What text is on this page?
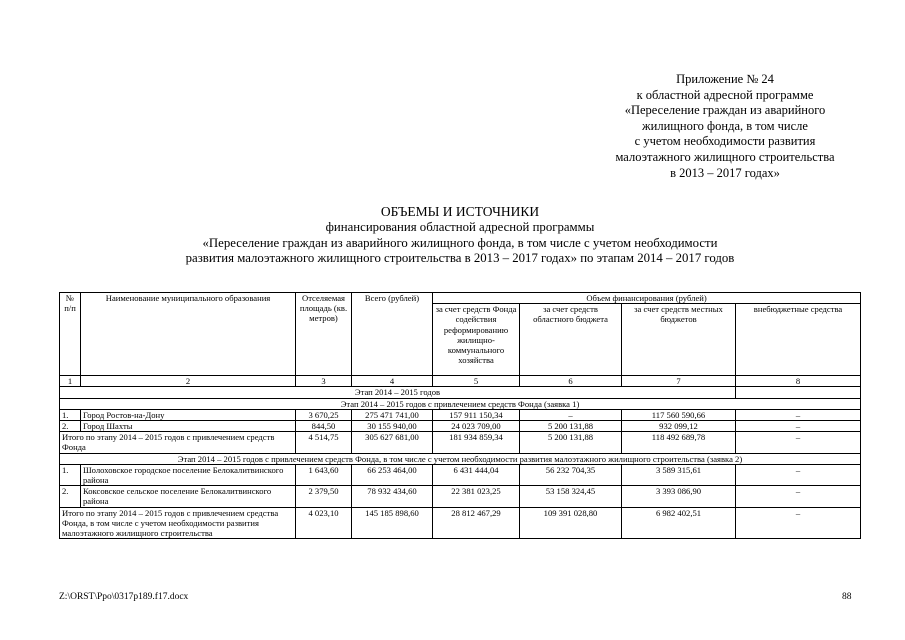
Приложение № 24
к областной адресной программе
«Переселение граждан из аварийного
жилищного фонда, в том числе
с учетом необходимости развития
малоэтажного жилищного строительства
в 2013 – 2017 годах»
ОБЪЕМЫ И ИСТОЧНИКИ
финансирования областной адресной программы
«Переселение граждан из аварийного жилищного фонда, в том числе с учетом необходимости
развития малоэтажного жилищного строительства в 2013 – 2017 годах» по этапам 2014 – 2017 годов
№ п/п	Наименование муниципального образования	Отселяемая площадь (кв. метров)	Всего (рублей)	Объем финансирования (рублей)			
				за счет средств Фонда содействия реформированию жилищно-коммунального хозяйства	за счет средств областного бюджета	за счет средств местных бюджетов	внебюджетные средства
1	2	3	4	5	6	7	8
Этап 2014 – 2015 годов							
Этап 2014 – 2015 годов с привлечением средств Фонда (заявка 1)							
1.	Город Ростов-на-Дону	3 670,25	275 471 741,00	157 911 150,34	–	117 560 590,66	–
2.	Город Шахты	844,50	30 155 940,00	24 023 709,00	5 200 131,88	932 099,12	–
Итого по этапу 2014 – 2015 годов с привлечением средств Фонда		4 514,75	305 627 681,00	181 934 859,34	5 200 131,88	118 492 689,78	–
Этап 2014 – 2015 годов с привлечением средств Фонда, в том числе с учетом необходимости развития малоэтажного жилищного строительства (заявка 2)							
1.	Шолоховское городское поселение Белокалитвинского района	1 643,60	66 253 464,00	6 431 444,04	56 232 704,35	3 589 315,61	–
2.	Коксовское сельское поселение Белокалитвинского района	2 379,50	78 932 434,60	22 381 023,25	53 158 324,45	3 393 086,90	–
Итого по этапу 2014 – 2015 годов с привлечением средства Фонда, в том числе с учетом необходимости развития малоэтажного жилищного строительства		4 023,10	145 185 898,60	28 812 467,29	109 391 028,80	6 982 402,51	–
Z:\ORST\Ppo\0317p189.f17.docx	88
